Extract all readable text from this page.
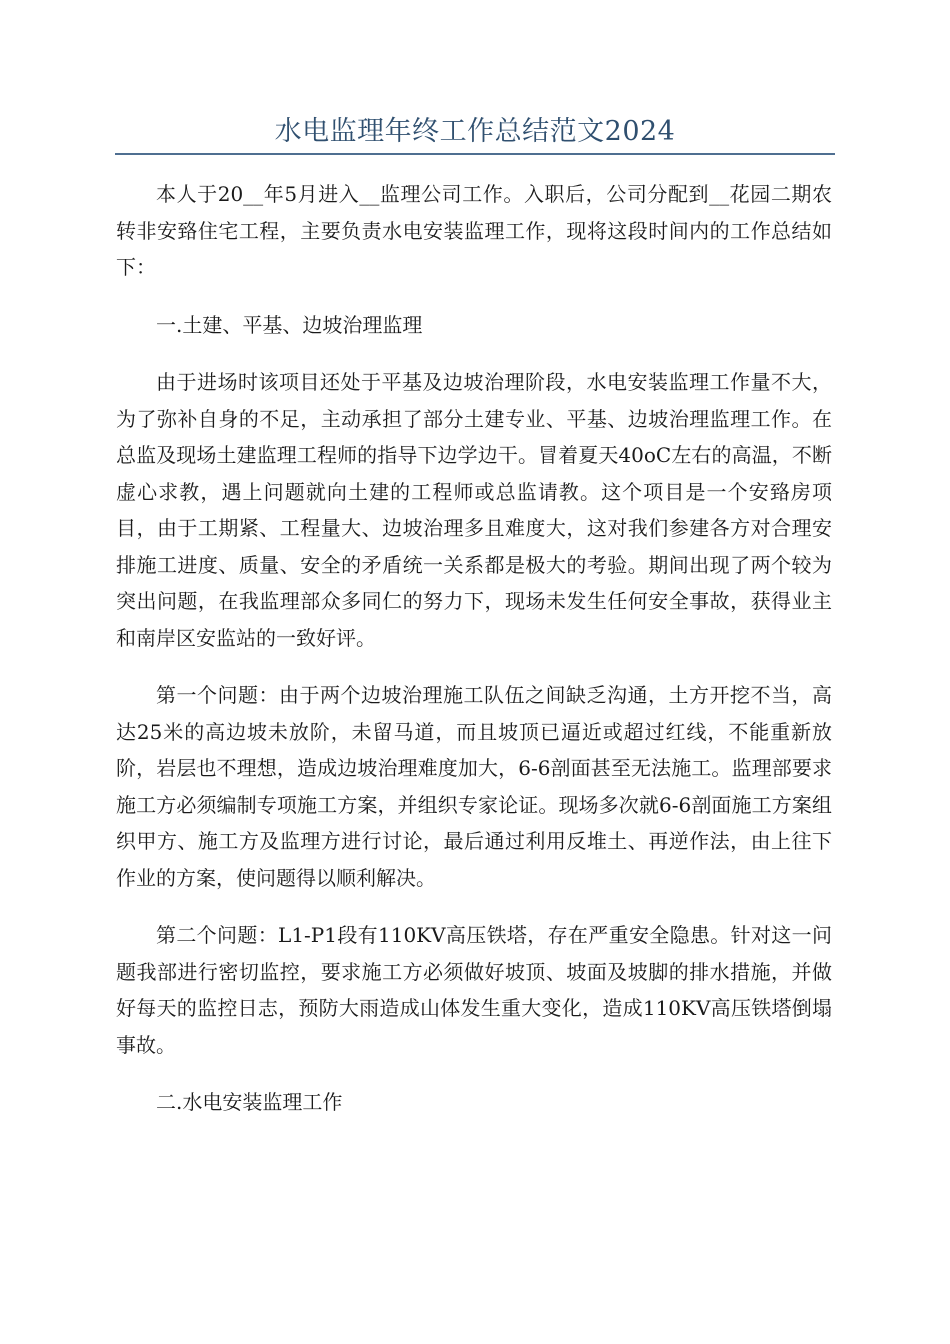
水电监理年终工作总结范文2024

本人于20__年5月进入__监理公司工作。入职后，公司分配到__花园二期农转非安臵住宅工程，主要负责水电安装监理工作，现将这段时间内的工作总结如下：

一.土建、平基、边坡治理监理

由于进场时该项目还处于平基及边坡治理阶段，水电安装监理工作量不大，为了弥补自身的不足，主动承担了部分土建专业、平基、边坡治理监理工作。在总监及现场土建监理工程师的指导下边学边干。冒着夏天40oC左右的高温，不断虚心求教，遇上问题就向土建的工程师或总监请教。这个项目是一个安臵房项目，由于工期紧、工程量大、边坡治理多且难度大，这对我们参建各方对合理安排施工进度、质量、安全的矛盾统一关系都是极大的考验。期间出现了两个较为突出问题，在我监理部众多同仁的努力下，现场未发生任何安全事故，获得业主和南岸区安监站的一致好评。

第一个问题：由于两个边坡治理施工队伍之间缺乏沟通，土方开挖不当，高达25米的高边坡未放阶，未留马道，而且坡顶已逼近或超过红线，不能重新放阶，岩层也不理想，造成边坡治理难度加大，6-6剖面甚至无法施工。监理部要求施工方必须编制专项施工方案，并组织专家论证。现场多次就6-6剖面施工方案组织甲方、施工方及监理方进行讨论，最后通过利用反堆土、再逆作法，由上往下作业的方案，使问题得以顺利解决。

第二个问题：L1-P1段有110KV高压铁塔，存在严重安全隐患。针对这一问题我部进行密切监控，要求施工方必须做好坡顶、坡面及坡脚的排水措施，并做好每天的监控日志，预防大雨造成山体发生重大变化，造成110KV高压铁塔倒塌事故。

二.水电安装监理工作
